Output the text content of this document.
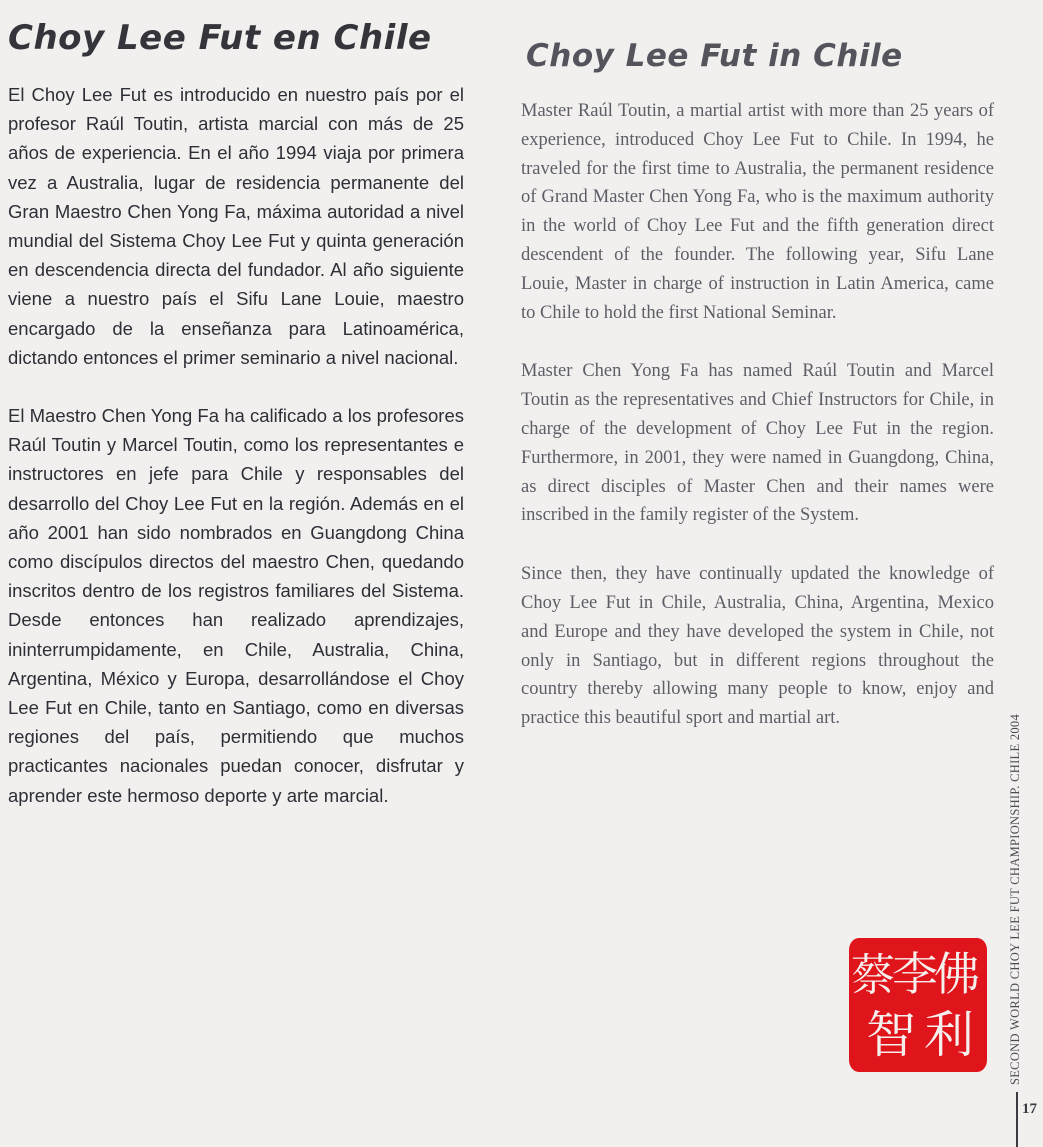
Choy Lee Fut en Chile

El Choy Lee Fut es introducido en nuestro país por el profesor Raúl Toutin, artista marcial con más de 25 años de experiencia. En el año 1994 viaja por primera vez a Australia, lugar de residencia permanente del Gran Maestro Chen Yong Fa, máxima autoridad a nivel mundial del Sistema Choy Lee Fut y quinta generación en descendencia directa del fundador. Al año siguiente viene a nuestro país el Sifu Lane Louie, maestro encargado de la enseñanza para Latinoamérica, dictando entonces el primer seminario a nivel nacional.

El Maestro Chen Yong Fa ha calificado a los profesores Raúl Toutin y Marcel Toutin, como los representantes e instructores en jefe para Chile y responsables del desarrollo del Choy Lee Fut en la región. Además en el año 2001 han sido nombrados en Guangdong China como discípulos directos del maestro Chen, quedando inscritos dentro de los registros familiares del Sistema. Desde entonces han realizado aprendizajes, ininterrumpidamente, en Chile, Australia, China, Argentina, México y Europa, desarrollándose el Choy Lee Fut en Chile, tanto en Santiago, como en diversas regiones del país, permitiendo que muchos practicantes nacionales puedan conocer, disfrutar y aprender este hermoso deporte y arte marcial.

Choy Lee Fut in Chile

Master Raúl Toutin, a martial artist with more than 25 years of experience, introduced Choy Lee Fut to Chile. In 1994, he traveled for the first time to Australia, the permanent residence of Grand Master Chen Yong Fa, who is the maximum authority in the world of Choy Lee Fut and the fifth generation direct descendent of the founder. The following year, Sifu Lane Louie, Master in charge of instruction in Latin America, came to Chile to hold the first National Seminar.

Master Chen Yong Fa has named Raúl Toutin and Marcel Toutin as the representatives and Chief Instructors for Chile, in charge of the development of Choy Lee Fut in the region. Furthermore, in 2001, they were named in Guangdong, China, as direct disciples of Master Chen and their names were inscribed in the family register of the System.

Since then, they have continually updated the knowledge of Choy Lee Fut in Chile, Australia, China, Argentina, Mexico and Europe and they have developed the system in Chile, not only in Santiago, but in different regions throughout the country thereby allowing many people to know, enjoy and practice this beautiful sport and martial art.

佛
李
蔡
利
智	SECOND WORLD CHOY LEE FUT CHAMPIONSHIP. CHILE 2004
17
